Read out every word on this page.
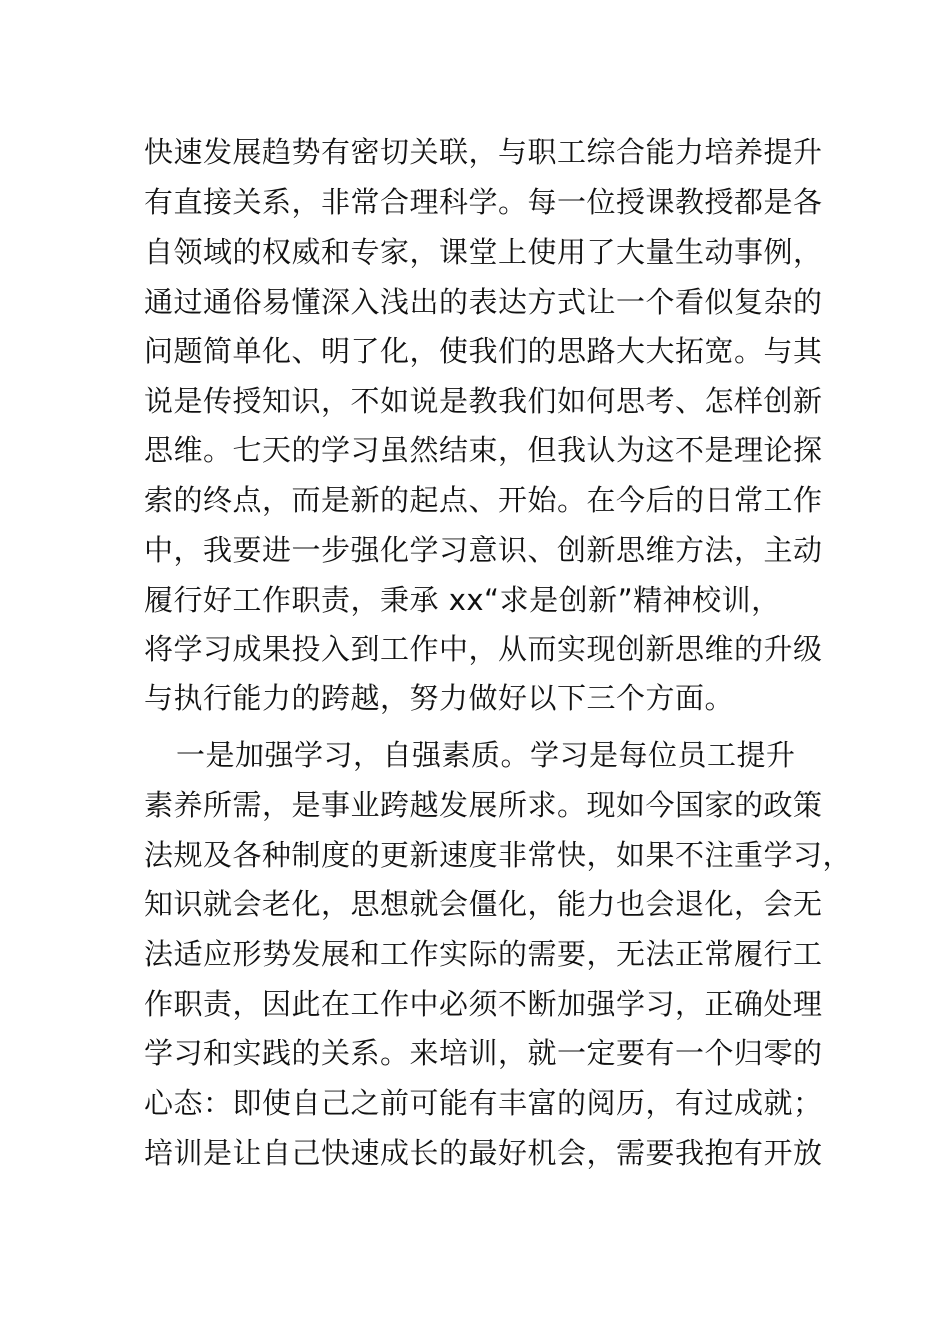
快速发展趋势有密切关联，与职工综合能力培养提升
有直接关系，非常合理科学。每一位授课教授都是各
自领域的权威和专家，课堂上使用了大量生动事例，
通过通俗易懂深入浅出的表达方式让一个看似复杂的
问题简单化、明了化，使我们的思路大大拓宽。与其
说是传授知识，不如说是教我们如何思考、怎样创新
思维。七天的学习虽然结束，但我认为这不是理论探
索的终点，而是新的起点、开始。在今后的日常工作
中，我要进一步强化学习意识、创新思维方法，主动
履行好工作职责，秉承 xx“求是创新”精神校训，
将学习成果投入到工作中，从而实现创新思维的升级
与执行能力的跨越，努力做好以下三个方面。
一是加强学习，自强素质。学习是每位员工提升
素养所需，是事业跨越发展所求。现如今国家的政策
法规及各种制度的更新速度非常快，如果不注重学习，
知识就会老化，思想就会僵化，能力也会退化，会无
法适应形势发展和工作实际的需要，无法正常履行工
作职责，因此在工作中必须不断加强学习，正确处理
学习和实践的关系。来培训，就一定要有一个归零的
心态：即使自己之前可能有丰富的阅历，有过成就；
培训是让自己快速成长的最好机会，需要我抱有开放
